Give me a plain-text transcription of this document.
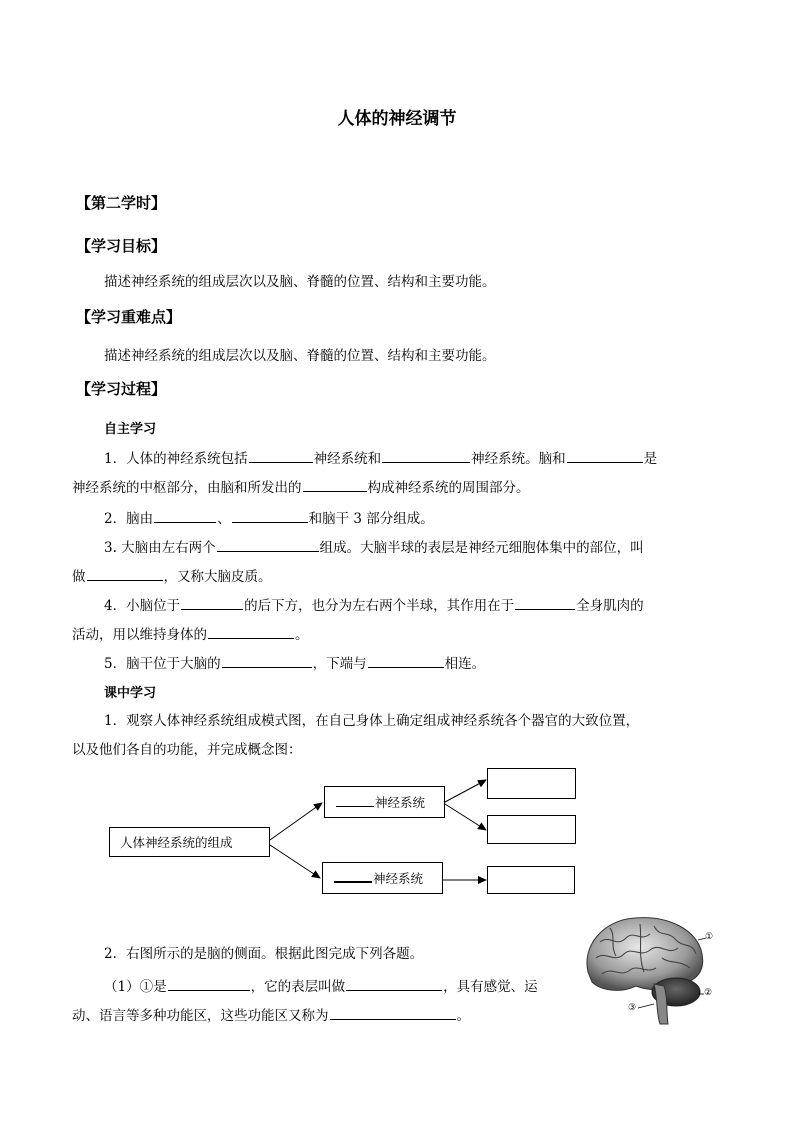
人体的神经调节
【第二学时】
【学习目标】
描述神经系统的组成层次以及脑、脊髓的位置、结构和主要功能。
【学习重难点】
描述神经系统的组成层次以及脑、脊髓的位置、结构和主要功能。
【学习过程】
自主学习
1．人体的神经系统包括	神经系统和	神经系统。脑和	是
神经系统的中枢部分，由脑和所发出的	构成神经系统的周围部分。
2．脑由	、	和脑干 3 部分组成。
3. 大脑由左右两个	组成。大脑半球的表层是神经元细胞体集中的部位，叫
做	，又称大脑皮质。
4．小脑位于	的后下方，也分为左右两个半球，其作用在于	全身肌肉的
活动，用以维持身体的	。
5．脑干位于大脑的	，下端与	相连。
课中学习
1．观察人体神经系统组成模式图，在自己身体上确定组成神经系统各个器官的大致位置，
以及他们各自的功能，并完成概念图：
人体神经系统的组成
神经系统
神经系统
2．右图所示的是脑的侧面。根据此图完成下列各题。
（1）①是	，它的表层叫做	，具有感觉、运
动、语言等多种功能区，这些功能区又称为	。
①
②
③
